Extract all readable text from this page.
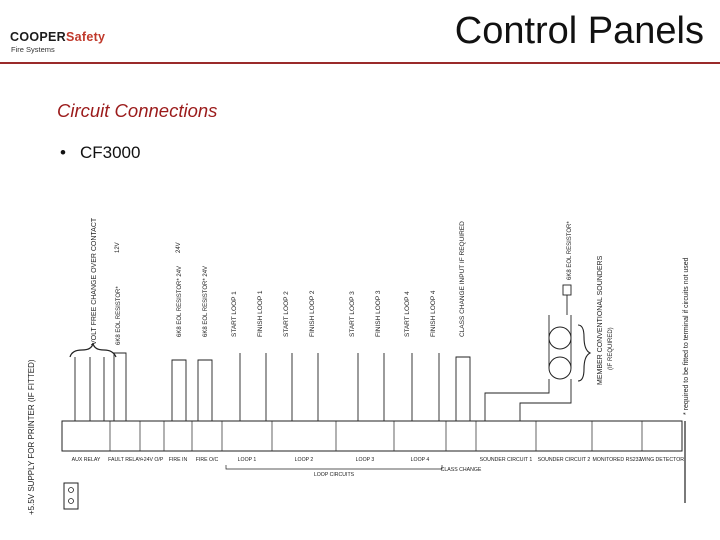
COOPERSafety
Fire Systems	Control Panels
Circuit Connections
• CF3000
+5.5V SUPPLY FOR PRINTER (IF FITTED)
VOLT FREE CHANGE OVER CONTACT	12V
6K8 EOL RESISTOR*
24V
6K8 EOL RESISTOR* 24V	6K8 EOL RESISTOR* 24V	START LOOP 1	FINISH LOOP 1	START LOOP 2	FINISH LOOP 2	START LOOP 3	FINISH LOOP 3	START LOOP 4	FINISH LOOP 4	CLASS CHANGE INPUT IF REQUIRED	6K8 EOL RESISTOR*
MEMBER CONVENTIONAL SOUNDERS (IF REQUIRED)	* required to be fitted to terminal if circuits not used
AUX RELAY FAULT RELAY
+24V O/P FIRE IN FIRE O/C	LOOP 1	LOOP 2	LOOP 3	LOOP 4
LOOP CIRCUITS
CLASS CHANGE
SOUNDER CIRCUIT 1 SOUNDER CIRCUIT 2 MONITORED RS232
WING DETECTOR
